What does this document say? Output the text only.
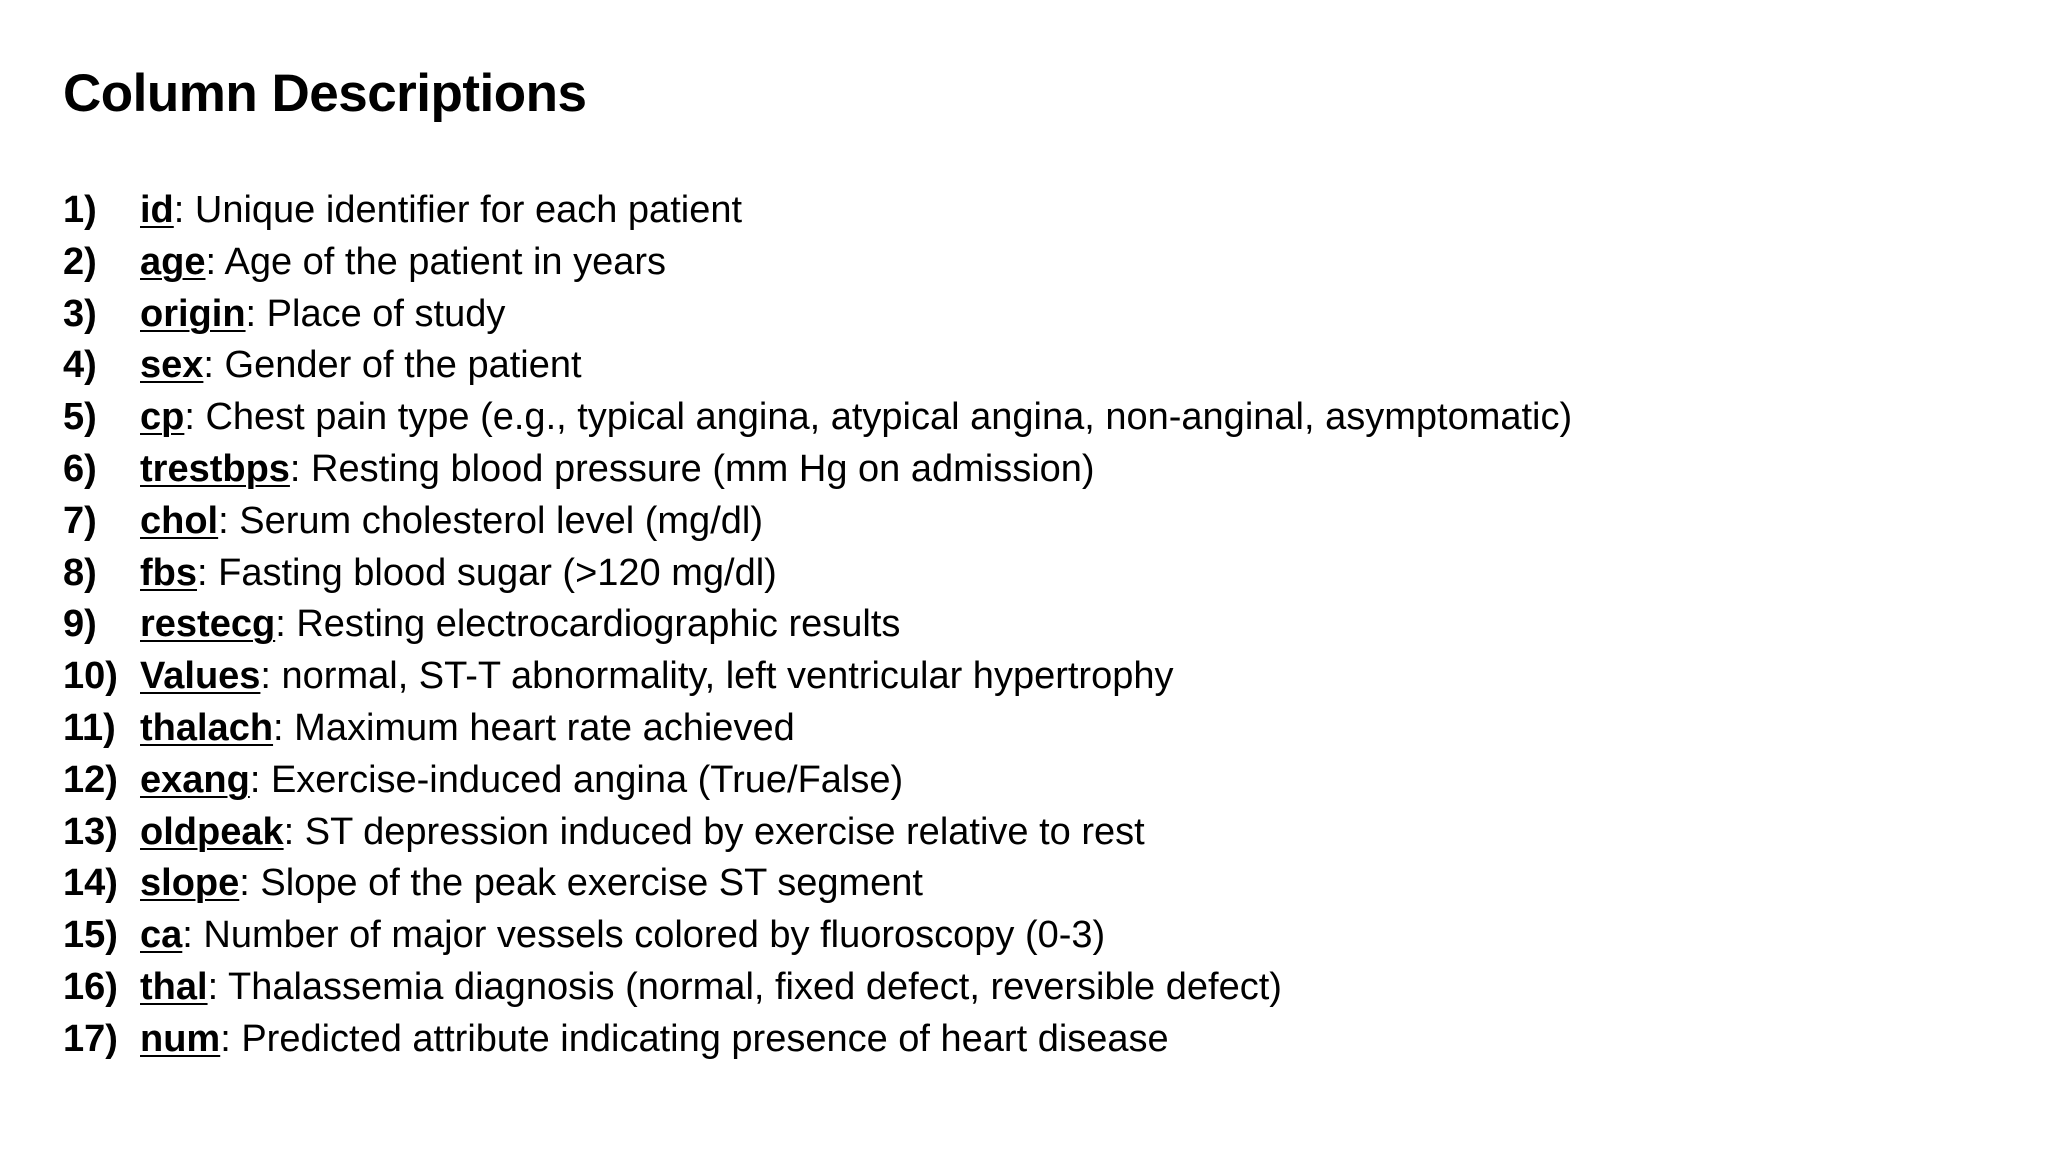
Column Descriptions
1)	id : Unique identifier for each patient
2)	age : Age of the patient in years
3)	origin : Place of study
4)	sex : Gender of the patient
5)	cp : Chest pain type (e.g., typical angina, atypical angina, non-anginal, asymptomatic)
6)	trestbps : Resting blood pressure (mm Hg on admission)
7)	chol : Serum cholesterol level (mg/dl)
8)	fbs : Fasting blood sugar (>120 mg/dl)
9)	restecg : Resting electrocardiographic results
10) Values : normal, ST-T abnormality, left ventricular hypertrophy
11) thalach : Maximum heart rate achieved
12) exang : Exercise-induced angina (True/False)
13) oldpeak : ST depression induced by exercise relative to rest
14) slope : Slope of the peak exercise ST segment
15) ca : Number of major vessels colored by fluoroscopy (0-3)
16) thal : Thalassemia diagnosis (normal, fixed defect, reversible defect)
17) num : Predicted attribute indicating presence of heart disease
